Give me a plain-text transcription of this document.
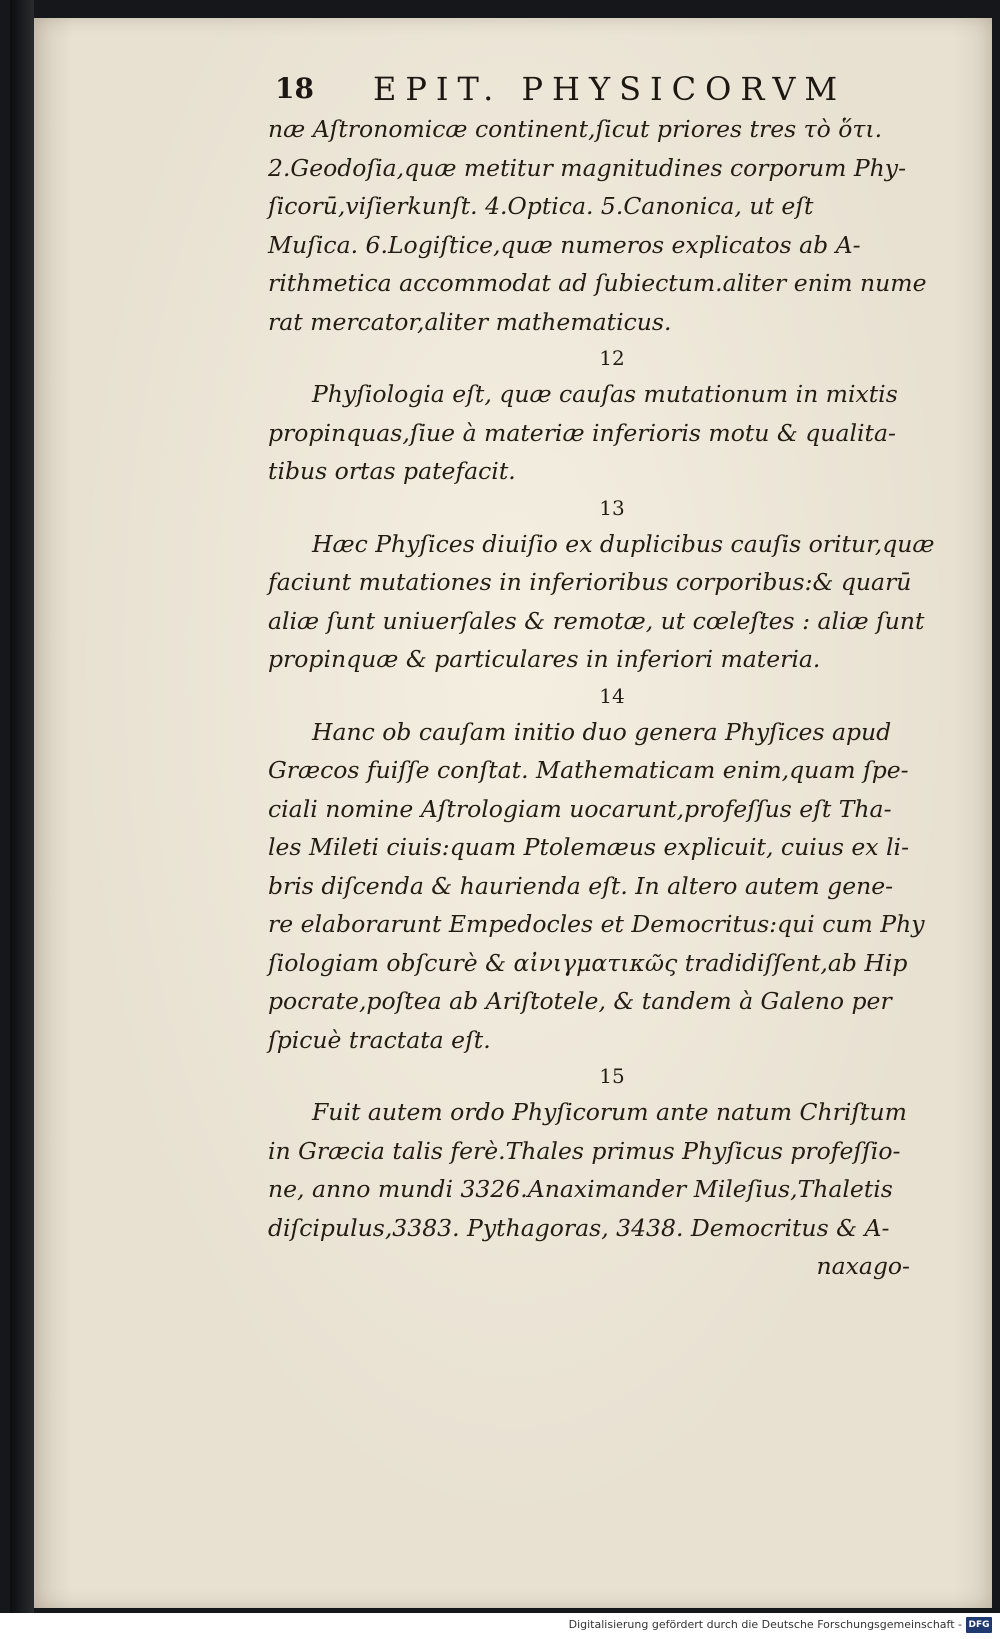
18 EPIT. PHYSICORVM
næ Aſtronomicæ continent,ſicut priores tres τὸ ὅτι.
2.Geodoſia,quæ metitur magnitudines corporum Phy-
ſicorū,viſierkunſt. 4.Optica. 5.Canonica, ut eſt
Muſica. 6.Logiſtice,quæ numeros explicatos ab A-
rithmetica accommodat ad ſubiectum.aliter enim nume
rat mercator,aliter mathematicus.
12
Phyſiologia eſt, quæ cauſas mutationum in mixtis
propinquas,ſiue à materiæ inferioris motu & qualita-
tibus ortas patefacit.
13
Hæc Phyſices diuiſio ex duplicibus cauſis oritur,quæ
faciunt mutationes in inferioribus corporibus:& quarū
aliæ ſunt uniuerſales & remotæ, ut cœleſtes : aliæ ſunt
propinquæ & particulares in inferiori materia.
14
Hanc ob cauſam initio duo genera Phyſices apud
Græcos fuiſſe conſtat. Mathematicam enim,quam ſpe-
ciali nomine Aſtrologiam uocarunt,profeſſus eſt Tha-
les Mileti ciuis:quam Ptolemæus explicuit, cuius ex li-
bris diſcenda & haurienda eſt. In altero autem gene-
re elaborarunt Empedocles et Democritus:qui cum Phy
ſiologiam obſcurè & αἰνιγματικῶς tradidiſſent,ab Hip
pocrate,poſtea ab Ariſtotele, & tandem à Galeno per
ſpicuè tractata eſt.
15
Fuit autem ordo Phyſicorum ante natum Chriſtum
in Græcia talis ferè.Thales primus Phyſicus profeſſio-
ne, anno mundi 3326.Anaximander Mileſius,Thaletis
diſcipulus,3383. Pythagoras, 3438. Democritus & A-
naxago-
Digitalisierung gefördert durch die Deutsche Forschungsgemeinschaft - DFG
